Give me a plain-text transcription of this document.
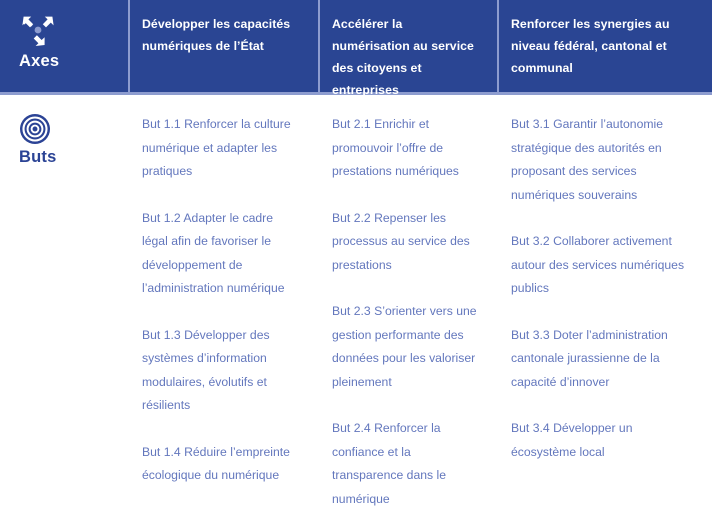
Développer les capacités numériques de l’État
Accélérer la numérisation au service des citoyens et entreprises
Renforcer les synergies au niveau fédéral, cantonal et communal
Axes
Buts

But 1.1 Renforcer la culture numérique et adapter les pratiques

But 1.2 Adapter le cadre légal afin de favoriser le développement de l’administration numérique

But 1.3 Développer des systèmes d’information modulaires, évolutifs et résilients

But 1.4 Réduire l’empreinte écologique du numérique

But 2.1 Enrichir et promouvoir l’offre de prestations numériques

But 2.2 Repenser les processus au service des prestations

But 2.3 S’orienter vers une gestion performante des données pour les valoriser pleinement

But 2.4 Renforcer la confiance et la transparence dans le numérique

But 3.1 Garantir l’autonomie stratégique des autorités en proposant des services numériques souverains

But 3.2 Collaborer activement autour des services numériques publics

But 3.3 Doter l’administration cantonale jurassienne de la capacité d’innover

But 3.4 Développer un écosystème local
